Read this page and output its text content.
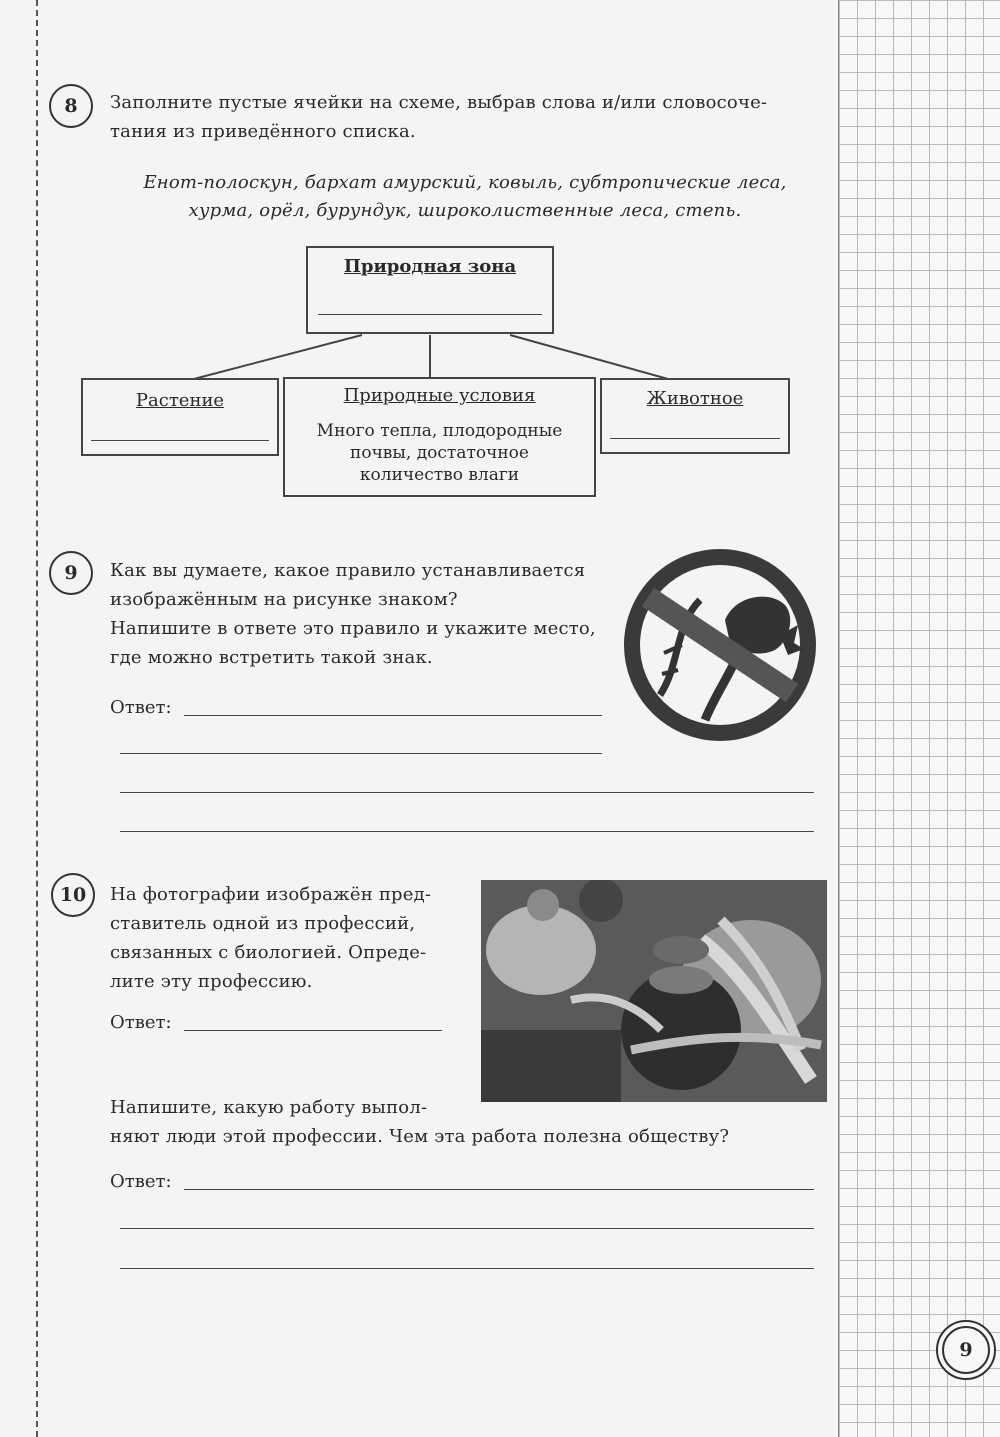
8	Заполните пустые ячейки на схеме, выбрав слова и/или словосоче-
тания из приведённого списка.
Енот-полоскун, бархат амурский, ковыль, субтропические леса,
хурма, орёл, бурундук, широколиственные леса, степь.
Природная зона
Растение	Природные условия
Много тепла, плодородные
почвы, достаточное
количество влаги
Животное
9	Как вы думаете, какое правило устанавливается
изображённым на рисунке знаком?
Напишите в ответе это правило и укажите место,
где можно встретить такой знак.
Ответ:
10	На фотографии изображён пред-
ставитель одной из профессий,
связанных с биологией. Опреде-
лите эту профессию.
Ответ:
Напишите, какую работу выпол-
няют люди этой профессии. Чем эта работа полезна обществу?
Ответ:
9
